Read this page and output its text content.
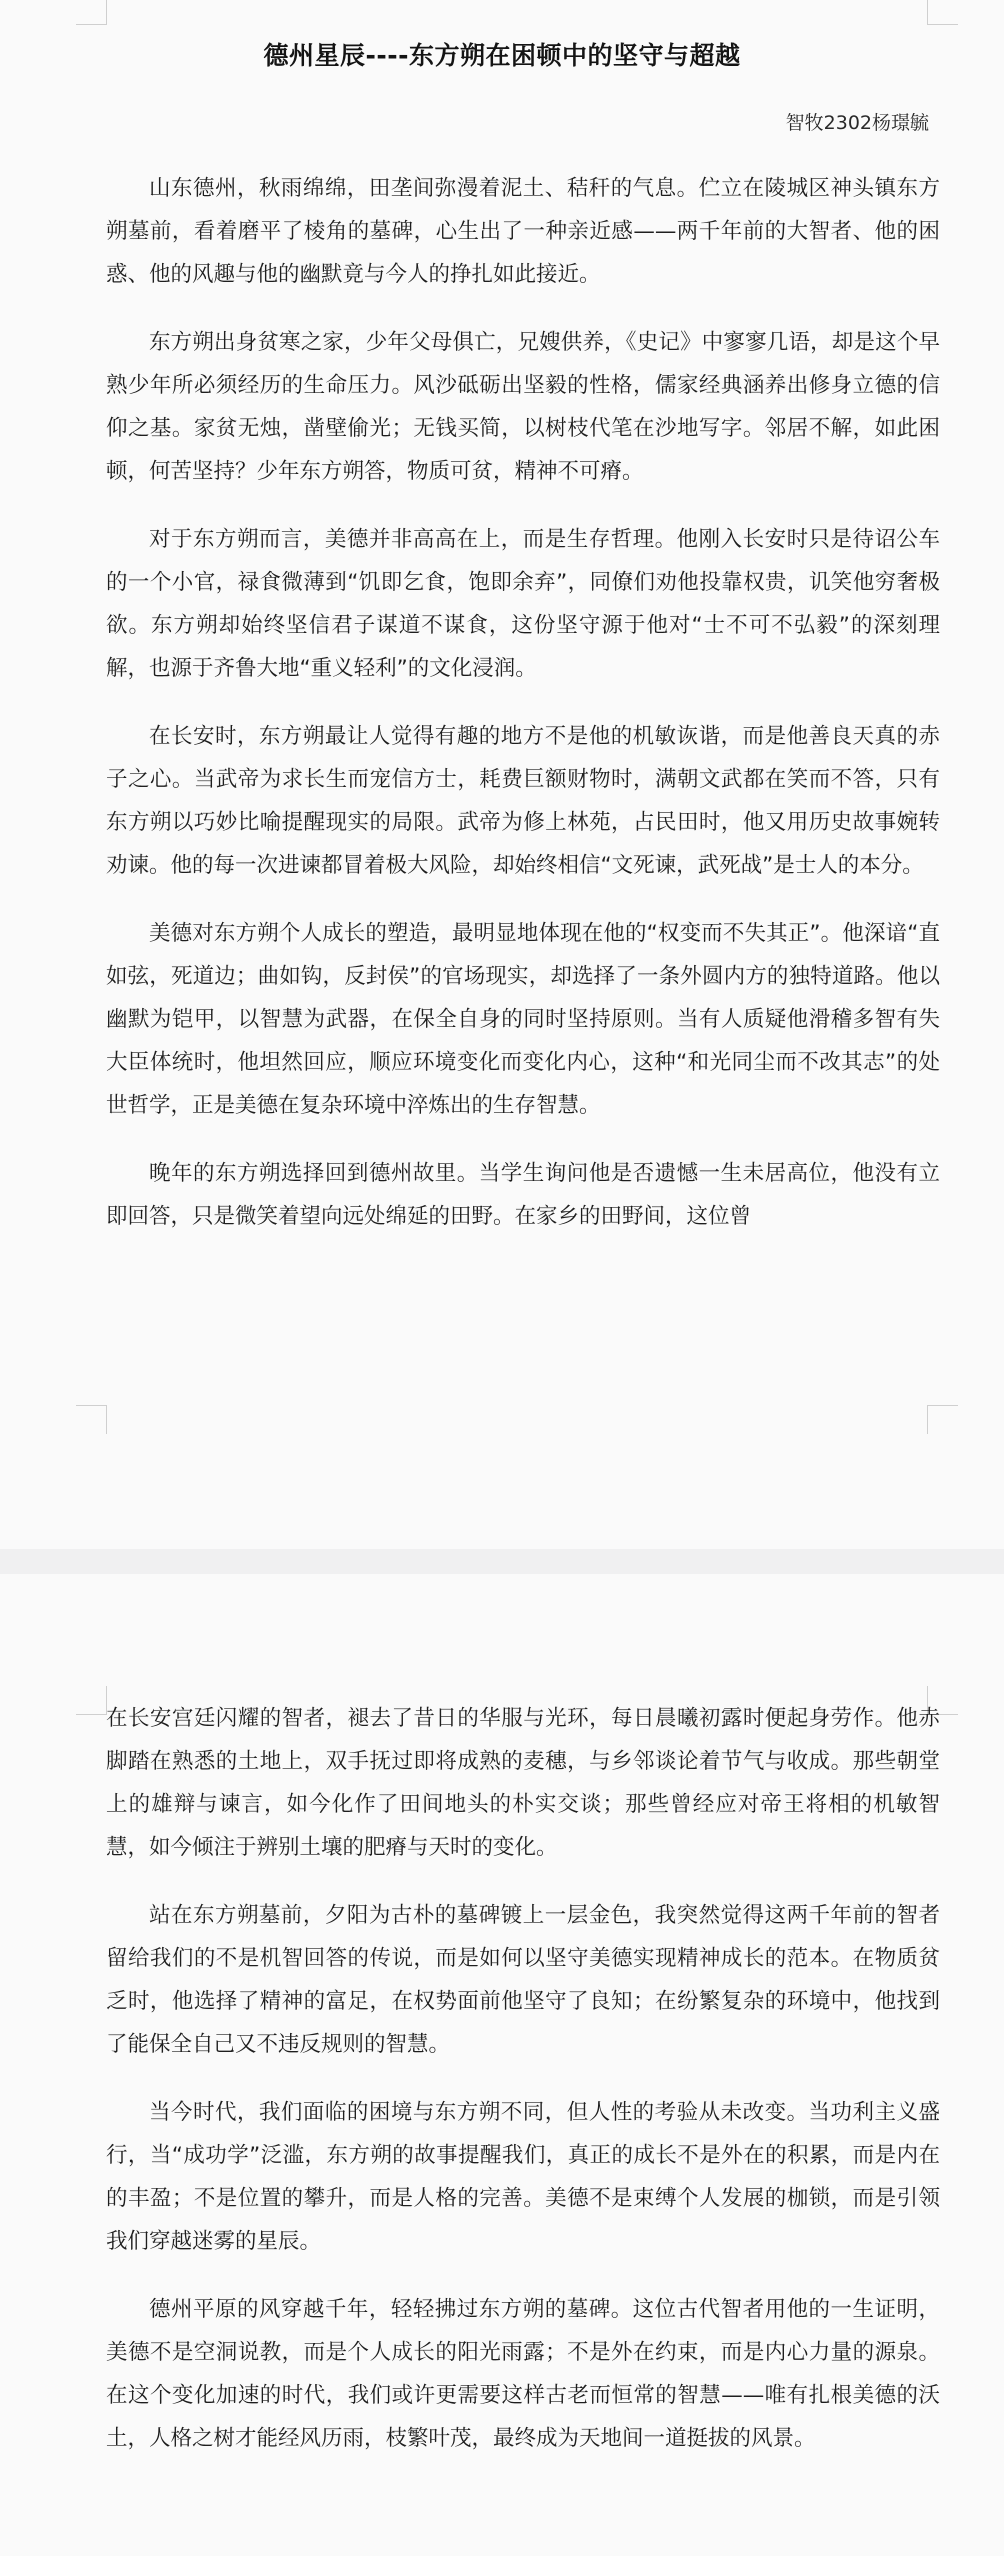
德州星辰----东方朔在困顿中的坚守与超越
智牧2302杨璟毓

山东德州，秋雨绵绵，田垄间弥漫着泥土、秸秆的气息。伫立在陵城区神头镇东方朔墓前，看着磨平了棱角的墓碑，心生出了一种亲近感——两千年前的大智者、他的困惑、他的风趣与他的幽默竟与今人的挣扎如此接近。

东方朔出身贫寒之家，少年父母俱亡，兄嫂供养，《史记》中寥寥几语，却是这个早熟少年所必须经历的生命压力。风沙砥砺出坚毅的性格，儒家经典涵养出修身立德的信仰之基。家贫无烛，凿壁偷光；无钱买简，以树枝代笔在沙地写字。邻居不解，如此困顿，何苦坚持？少年东方朔答，物质可贫，精神不可瘠。

对于东方朔而言，美德并非高高在上，而是生存哲理。他刚入长安时只是待诏公车的一个小官，禄食微薄到“饥即乞食，饱即余弃”，同僚们劝他投靠权贵，讥笑他穷奢极欲。东方朔却始终坚信君子谋道不谋食，这份坚守源于他对“士不可不弘毅”的深刻理解，也源于齐鲁大地“重义轻利”的文化浸润。

在长安时，东方朔最让人觉得有趣的地方不是他的机敏诙谐，而是他善良天真的赤子之心。当武帝为求长生而宠信方士，耗费巨额财物时，满朝文武都在笑而不答，只有东方朔以巧妙比喻提醒现实的局限。武帝为修上林苑，占民田时，他又用历史故事婉转劝谏。他的每一次进谏都冒着极大风险，却始终相信“文死谏，武死战”是士人的本分。

美德对东方朔个人成长的塑造，最明显地体现在他的“权变而不失其正”。他深谙“直如弦，死道边；曲如钩，反封侯”的官场现实，却选择了一条外圆内方的独特道路。他以幽默为铠甲，以智慧为武器，在保全自身的同时坚持原则。当有人质疑他滑稽多智有失大臣体统时，他坦然回应，顺应环境变化而变化内心，这种“和光同尘而不改其志”的处世哲学，正是美德在复杂环境中淬炼出的生存智慧。

晚年的东方朔选择回到德州故里。当学生询问他是否遗憾一生未居高位，他没有立即回答，只是微笑着望向远处绵延的田野。在家乡的田野间，这位曾

在长安宫廷闪耀的智者，褪去了昔日的华服与光环，每日晨曦初露时便起身劳作。他赤脚踏在熟悉的土地上，双手抚过即将成熟的麦穗，与乡邻谈论着节气与收成。那些朝堂上的雄辩与谏言，如今化作了田间地头的朴实交谈；那些曾经应对帝王将相的机敏智慧，如今倾注于辨别土壤的肥瘠与天时的变化。

站在东方朔墓前，夕阳为古朴的墓碑镀上一层金色，我突然觉得这两千年前的智者留给我们的不是机智回答的传说，而是如何以坚守美德实现精神成长的范本。在物质贫乏时，他选择了精神的富足，在权势面前他坚守了良知；在纷繁复杂的环境中，他找到了能保全自己又不违反规则的智慧。

当今时代，我们面临的困境与东方朔不同，但人性的考验从未改变。当功利主义盛行，当“成功学”泛滥，东方朔的故事提醒我们，真正的成长不是外在的积累，而是内在的丰盈；不是位置的攀升，而是人格的完善。美德不是束缚个人发展的枷锁，而是引领我们穿越迷雾的星辰。

德州平原的风穿越千年，轻轻拂过东方朔的墓碑。这位古代智者用他的一生证明，美德不是空洞说教，而是个人成长的阳光雨露；不是外在约束，而是内心力量的源泉。在这个变化加速的时代，我们或许更需要这样古老而恒常的智慧——唯有扎根美德的沃土，人格之树才能经风历雨，枝繁叶茂，最终成为天地间一道挺拔的风景。
